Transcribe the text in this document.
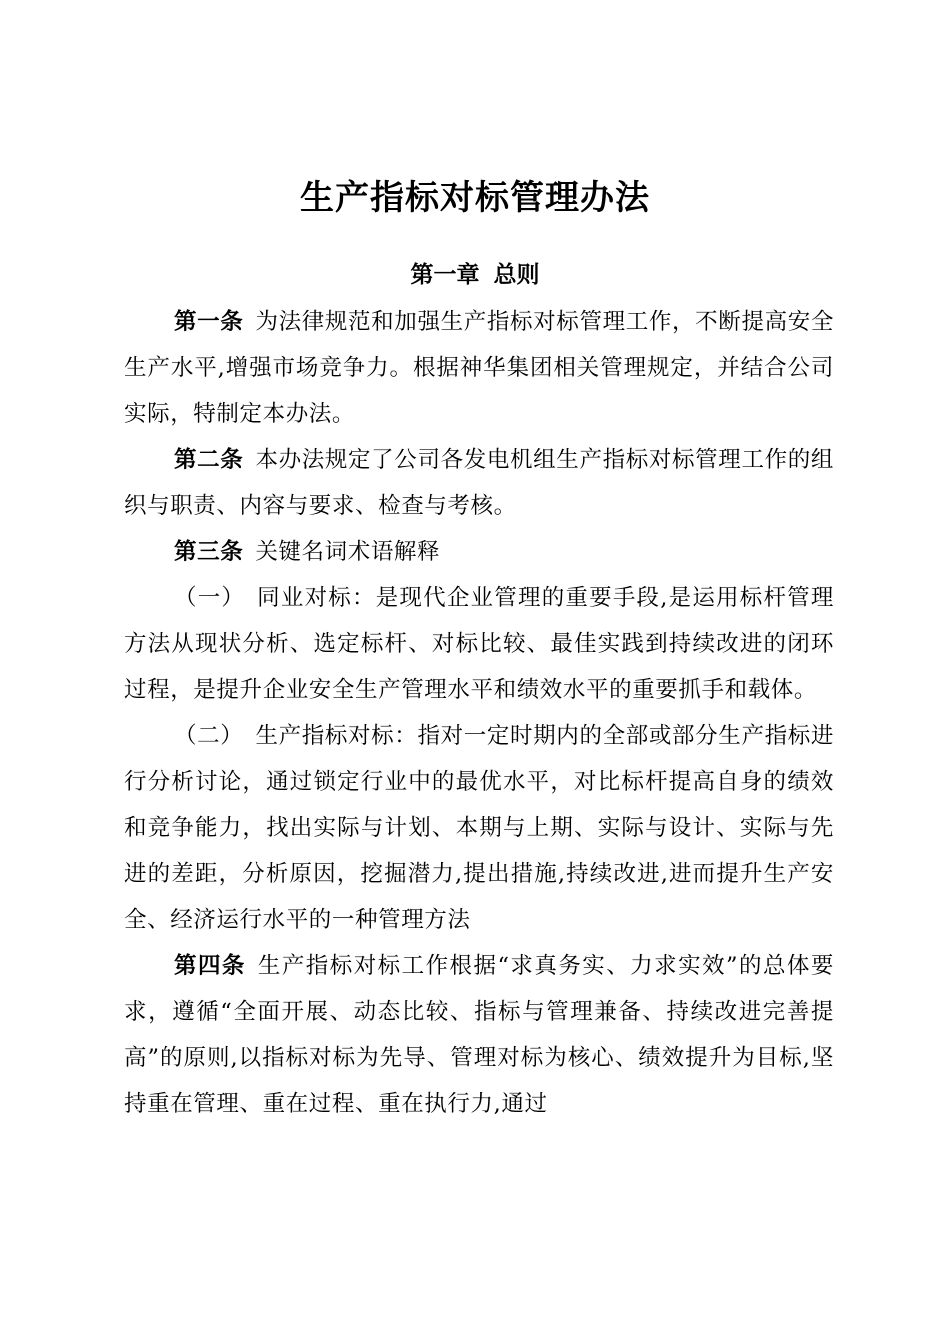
生产指标对标管理办法
第一章 总则

第一条 为法律规范和加强生产指标对标管理工作，不断提高安全生产水平,增强市场竞争力。根据神华集团相关管理规定，并结合公司实际，特制定本办法。

第二条 本办法规定了公司各发电机组生产指标对标管理工作的组织与职责、内容与要求、检查与考核。

第三条 关键名词术语解释

（一） 同业对标：是现代企业管理的重要手段,是运用标杆管理方法从现状分析、选定标杆、对标比较、最佳实践到持续改进的闭环过程，是提升企业安全生产管理水平和绩效水平的重要抓手和载体。

（二） 生产指标对标：指对一定时期内的全部或部分生产指标进行分析讨论，通过锁定行业中的最优水平，对比标杆提高自身的绩效和竞争能力，找出实际与计划、本期与上期、实际与设计、实际与先进的差距，分析原因，挖掘潜力,提出措施,持续改进,进而提升生产安全、经济运行水平的一种管理方法

第四条 生产指标对标工作根据“求真务实、力求实效”的总体要求，遵循“全面开展、动态比较、指标与管理兼备、持续改进完善提高”的原则,以指标对标为先导、管理对标为核心、绩效提升为目标,坚持重在管理、重在过程、重在执行力,通过
